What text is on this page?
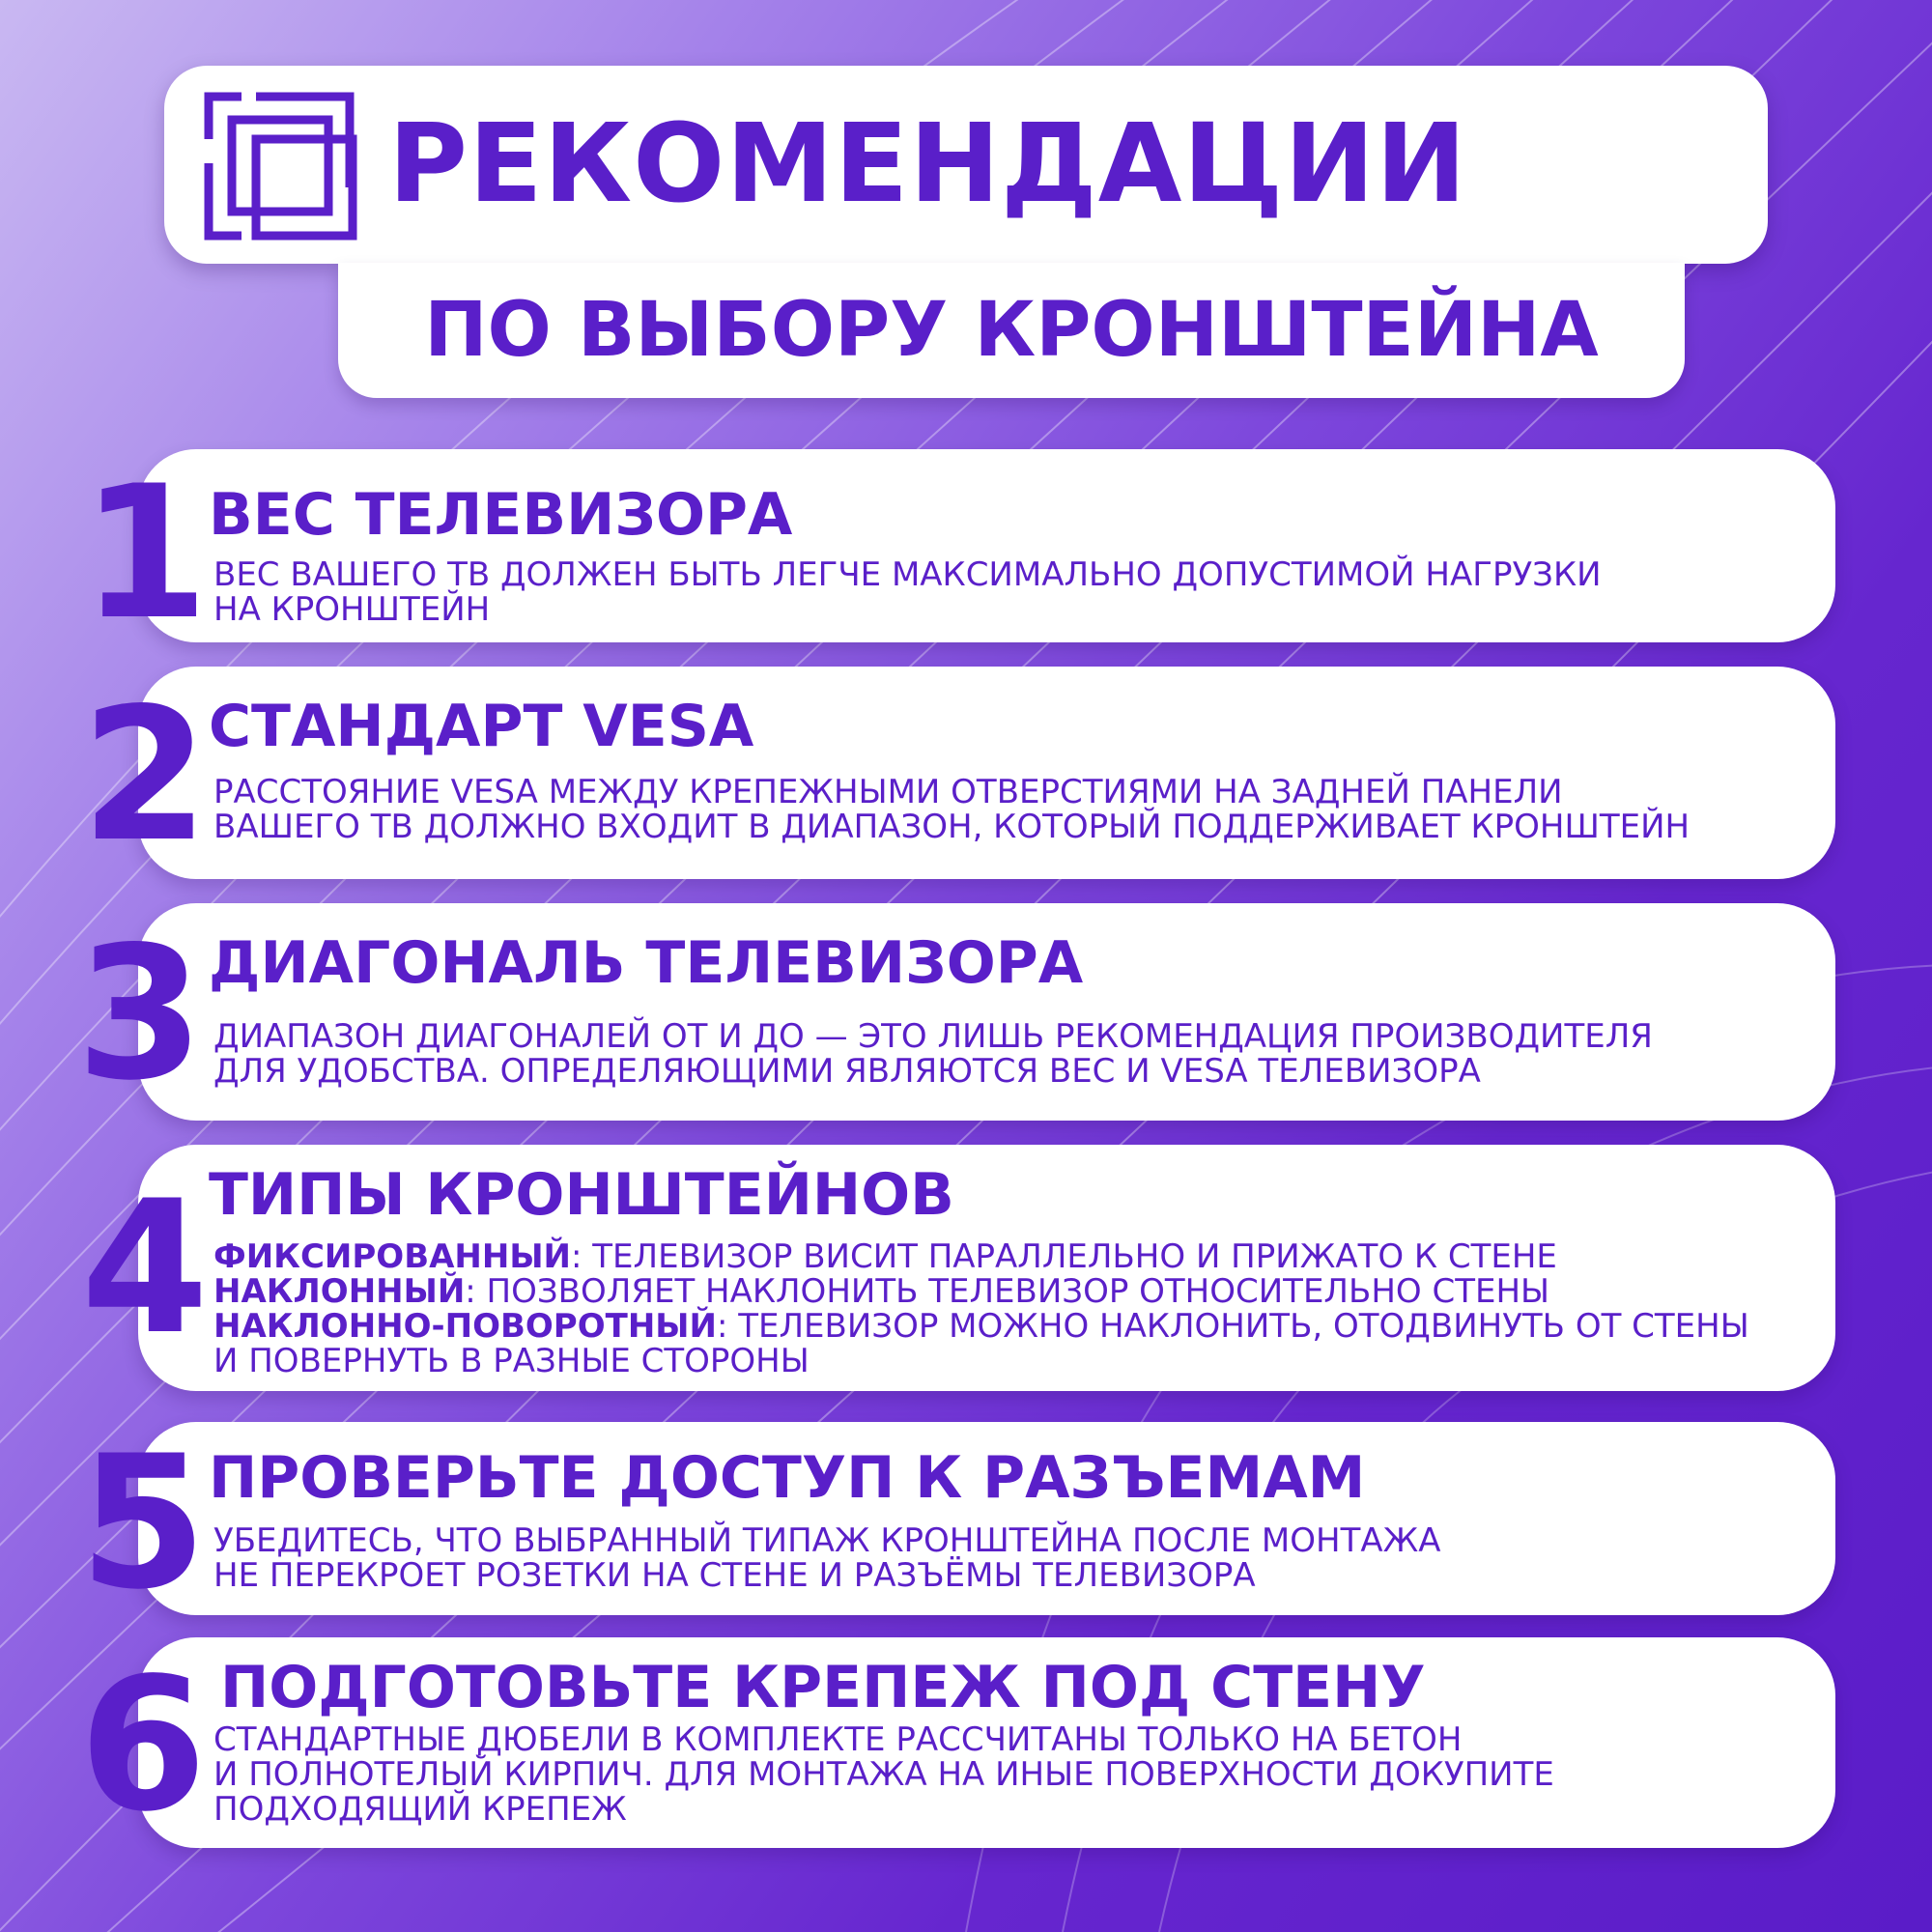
РЕКОМЕНДАЦИИ
ПО ВЫБОРУ КРОНШТЕЙНА
ВЕС ТЕЛЕВИЗОРА
ВЕС ВАШЕГО ТВ ДОЛЖЕН БЫТЬ ЛЕГЧЕ МАКСИМАЛЬНО ДОПУСТИМОЙ НАГРУЗКИ
НА КРОНШТЕЙН
СТАНДАРТ VESA
РАССТОЯНИЕ VESA МЕЖДУ КРЕПЕЖНЫМИ ОТВЕРСТИЯМИ НА ЗАДНЕЙ ПАНЕЛИ
ВАШЕГО ТВ ДОЛЖНО ВХОДИТ В ДИАПАЗОН, КОТОРЫЙ ПОДДЕРЖИВАЕТ КРОНШТЕЙН
ДИАГОНАЛЬ ТЕЛЕВИЗОРА
ДИАПАЗОН ДИАГОНАЛЕЙ ОТ И ДО — ЭТО ЛИШЬ РЕКОМЕНДАЦИЯ ПРОИЗВОДИТЕЛЯ
ДЛЯ УДОБСТВА. ОПРЕДЕЛЯЮЩИМИ ЯВЛЯЮТСЯ ВЕС И VESA ТЕЛЕВИЗОРА
ТИПЫ КРОНШТЕЙНОВ
ФИКСИРОВАННЫЙ: ТЕЛЕВИЗОР ВИСИТ ПАРАЛЛЕЛЬНО И ПРИЖАТО К СТЕНЕ
НАКЛОННЫЙ: ПОЗВОЛЯЕТ НАКЛОНИТЬ ТЕЛЕВИЗОР ОТНОСИТЕЛЬНО СТЕНЫ
НАКЛОННО-ПОВОРОТНЫЙ: ТЕЛЕВИЗОР МОЖНО НАКЛОНИТЬ, ОТОДВИНУТЬ ОТ СТЕНЫ
И ПОВЕРНУТЬ В РАЗНЫЕ СТОРОНЫ
ПРОВЕРЬТЕ ДОСТУП К РАЗЪЕМАМ
УБЕДИТЕСЬ, ЧТО ВЫБРАННЫЙ ТИПАЖ КРОНШТЕЙНА ПОСЛЕ МОНТАЖА
НЕ ПЕРЕКРОЕТ РОЗЕТКИ НА СТЕНЕ И РАЗЪЁМЫ ТЕЛЕВИЗОРА
ПОДГОТОВЬТЕ КРЕПЕЖ ПОД СТЕНУ
СТАНДАРТНЫЕ ДЮБЕЛИ В КОМПЛЕКТЕ РАССЧИТАНЫ ТОЛЬКО НА БЕТОН
И ПОЛНОТЕЛЫЙ КИРПИЧ. ДЛЯ МОНТАЖА НА ИНЫЕ ПОВЕРХНОСТИ ДОКУПИТЕ
ПОДХОДЯЩИЙ КРЕПЕЖ
1
2
3
4
5
6
